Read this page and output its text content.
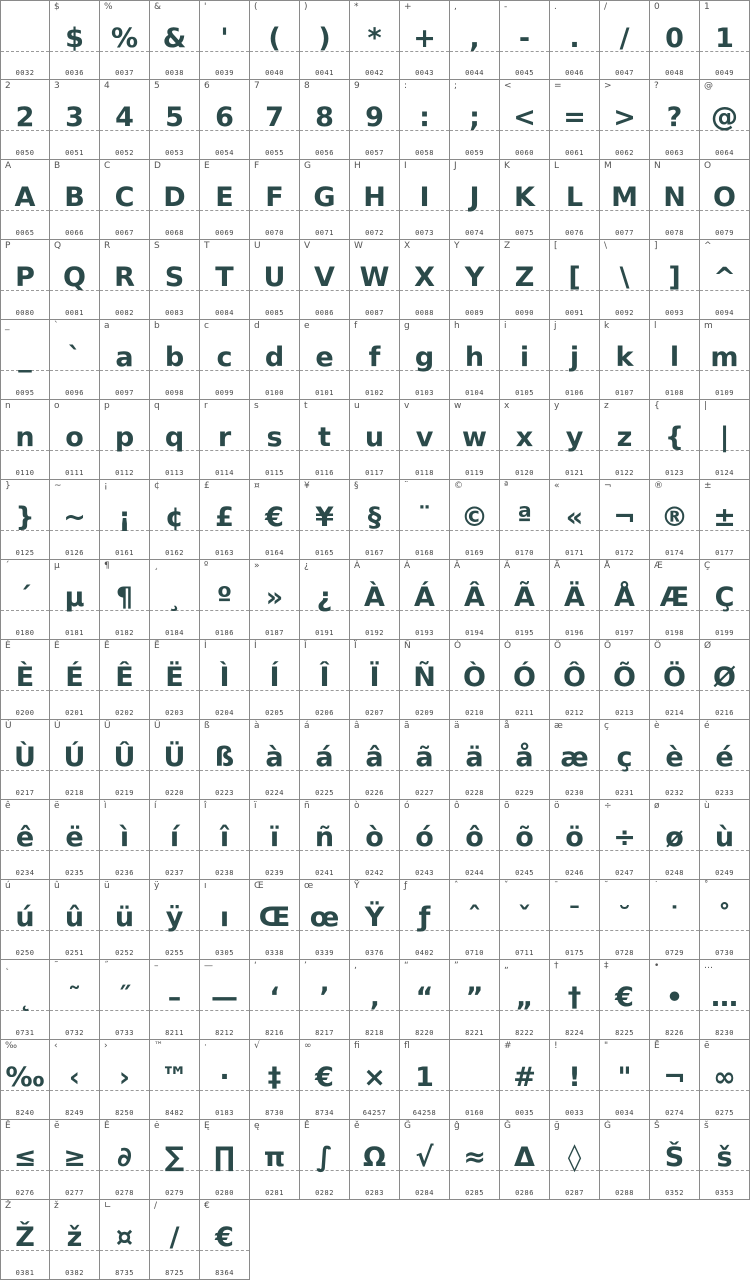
0032
$
$
0036
%
%
0037
&
&
0038
'
'
0039
(
(
0040
)
)
0041
*
*
0042
+
+
0043
,
,
0044
-
-
0045
.
.
0046
/
/
0047
0
0
0048
1
1
0049
2
2
0050
3
3
0051
4
4
0052
5
5
0053
6
6
0054
7
7
0055
8
8
0056
9
9
0057
:
:
0058
;
;
0059
<
<
0060
=
=
0061
>
>
0062
?
?
0063
@
@
0064
A
A
0065
B
B
0066
C
C
0067
D
D
0068
E
E
0069
F
F
0070
G
G
0071
H
H
0072
I
I
0073
J
J
0074
K
K
0075
L
L
0076
M
M
0077
N
N
0078
O
O
0079
P
P
0080
Q
Q
0081
R
R
0082
S
S
0083
T
T
0084
U
U
0085
V
V
0086
W
W
0087
X
X
0088
Y
Y
0089
Z
Z
0090
[
[
0091
\
\
0092
]
]
0093
^
^
0094
_
_
0095
`
`
0096
a
a
0097
b
b
0098
c
c
0099
d
d
0100
e
e
0101
f
f
0102
g
g
0103
h
h
0104
i
i
0105
j
j
0106
k
k
0107
l
l
0108
m
m
0109
n
n
0110
o
o
0111
p
p
0112
q
q
0113
r
r
0114
s
s
0115
t
t
0116
u
u
0117
v
v
0118
w
w
0119
x
x
0120
y
y
0121
z
z
0122
{
{
0123
|
|
0124
}
}
0125
~
~
0126
¡
¡
0161
¢
¢
0162
£
£
0163
¤
€
0164
¥
¥
0165
§
§
0167
¨
¨
0168
©
©
0169
ª
ª
0170
«
«
0171
¬
¬
0172
®
®
0174
±
±
0177
´
´
0180
µ
µ
0181
¶
¶
0182
¸
¸
0184
º
º
0186
»
»
0187
¿
¿
0191
À
À
0192
Á
Á
0193
Â
Â
0194
Ã
Ã
0195
Ä
Ä
0196
Å
Å
0197
Æ
Æ
0198
Ç
Ç
0199
È
È
0200
É
É
0201
Ê
Ê
0202
Ë
Ë
0203
Ì
Ì
0204
Í
Í
0205
Î
Î
0206
Ï
Ï
0207
Ñ
Ñ
0209
Ò
Ò
0210
Ó
Ó
0211
Ô
Ô
0212
Õ
Õ
0213
Ö
Ö
0214
Ø
Ø
0216
Ù
Ù
0217
Ú
Ú
0218
Û
Û
0219
Ü
Ü
0220
ß
ß
0223
à
à
0224
á
á
0225
â
â
0226
ã
ã
0227
ä
ä
0228
å
å
0229
æ
æ
0230
ç
ç
0231
è
è
0232
é
é
0233
ê
ê
0234
ë
ë
0235
ì
ì
0236
í
í
0237
î
î
0238
ï
ï
0239
ñ
ñ
0241
ò
ò
0242
ó
ó
0243
ô
ô
0244
õ
õ
0245
ö
ö
0246
÷
÷
0247
ø
ø
0248
ù
ù
0249
ú
ú
0250
û
û
0251
ü
ü
0252
ÿ
ÿ
0255
ı
ı
0305
Œ
Œ
0338
œ
œ
0339
Ÿ
Ÿ
0376
ƒ
ƒ
0402
ˆ
ˆ
0710
ˇ
ˇ
0711
¯
¯
0175
˘
˘
0728
˙
˙
0729
˚
˚
0730
˛
˛
0731
˜
˜
0732
˝
˝
0733
–
–
8211
—
—
8212
‘
‘
8216
’
’
8217
‚
‚
8218
“
“
8220
”
”
8221
„
„
8222
†
†
8224
‡
€
8225
•
•
8226
…
…
8230
‰
‰
8240
‹
‹
8249
›
›
8250
™
™
8482
·
·
0183
√
‡
8730
∞
€
8734
ﬁ
×
64257
ﬂ
1
64258	0160
#
#
0035
!
!
0033
"
"
0034
Ē
¬
0274
ē
∞
0275
Ĕ
≤
0276
ĕ
≥
0277
Ė
∂
0278
ė
∑
0279
Ę
∏
0280
ę
π
0281
Ě
∫
0282
ě
Ω
0283
Ĝ
√
0284
ĝ
≈
0285
Ğ
Δ
0286
ğ
◊
0287
Ġ
0288
Š
Š
0352
š
š
0353
Ž
Ž
0381
ž
ž
0382
∟
¤
8735
∕
/
8725
€
€
8364
